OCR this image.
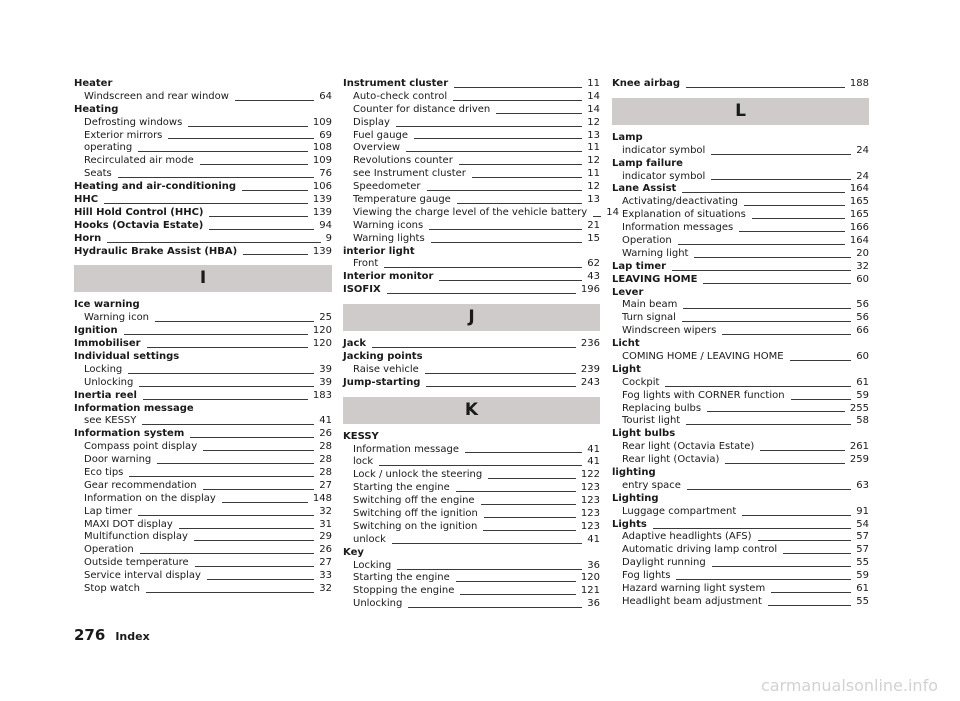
Heater
Windscreen and rear window	64
Heating
Defrosting windows	109
Exterior mirrors	69
operating	108
Recirculated air mode	109
Seats	76
Heating and air-conditioning	106
HHC	139
Hill Hold Control (HHC)	139
Hooks (Octavia Estate)	94
Horn	9
Hydraulic Brake Assist (HBA)	139
I
Ice warning
Warning icon	25
Ignition	120
Immobiliser	120
Individual settings
Locking	39
Unlocking	39
Inertia reel	183
Information message
see KESSY	41
Information system	26
Compass point display	28
Door warning	28
Eco tips	28
Gear recommendation	27
Information on the display	148
Lap timer	32
MAXI DOT display	31
Multifunction display	29
Operation	26
Outside temperature	27
Service interval display	33
Stop watch	32
Instrument cluster	11
Auto-check control	14
Counter for distance driven	14
Display	12
Fuel gauge	13
Overview	11
Revolutions counter	12
see Instrument cluster	11
Speedometer	12
Temperature gauge	13
Viewing the charge level of the vehicle battery 14
Warning icons	21
Warning lights	15
interior light
Front	62
Interior monitor	43
ISOFIX	196
J
Jack	236
Jacking points
Raise vehicle	239
Jump-starting	243
K
KESSY
Information message	41
lock	41
Lock / unlock the steering	122
Starting the engine	123
Switching off the engine	123
Switching off the ignition	123
Switching on the ignition	123
unlock	41
Key
Locking	36
Starting the engine	120
Stopping the engine	121
Unlocking	36
Knee airbag	188
L
Lamp
indicator symbol	24
Lamp failure
indicator symbol	24
Lane Assist	164
Activating/deactivating	165
Explanation of situations	165
Information messages	166
Operation	164
Warning light	20
Lap timer	32
LEAVING HOME	60
Lever
Main beam	56
Turn signal	56
Windscreen wipers	66
Licht
COMING HOME / LEAVING HOME	60
Light
Cockpit	61
Fog lights with CORNER function	59
Replacing bulbs	255
Tourist light	58
Light bulbs
Rear light (Octavia Estate)	261
Rear light (Octavia)	259
lighting
entry space	63
Lighting
Luggage compartment	91
Lights	54
Adaptive headlights (AFS)	57
Automatic driving lamp control	57
Daylight running	55
Fog lights	59
Hazard warning light system	61
Headlight beam adjustment	55
276 Index
carmanualsonline.info
